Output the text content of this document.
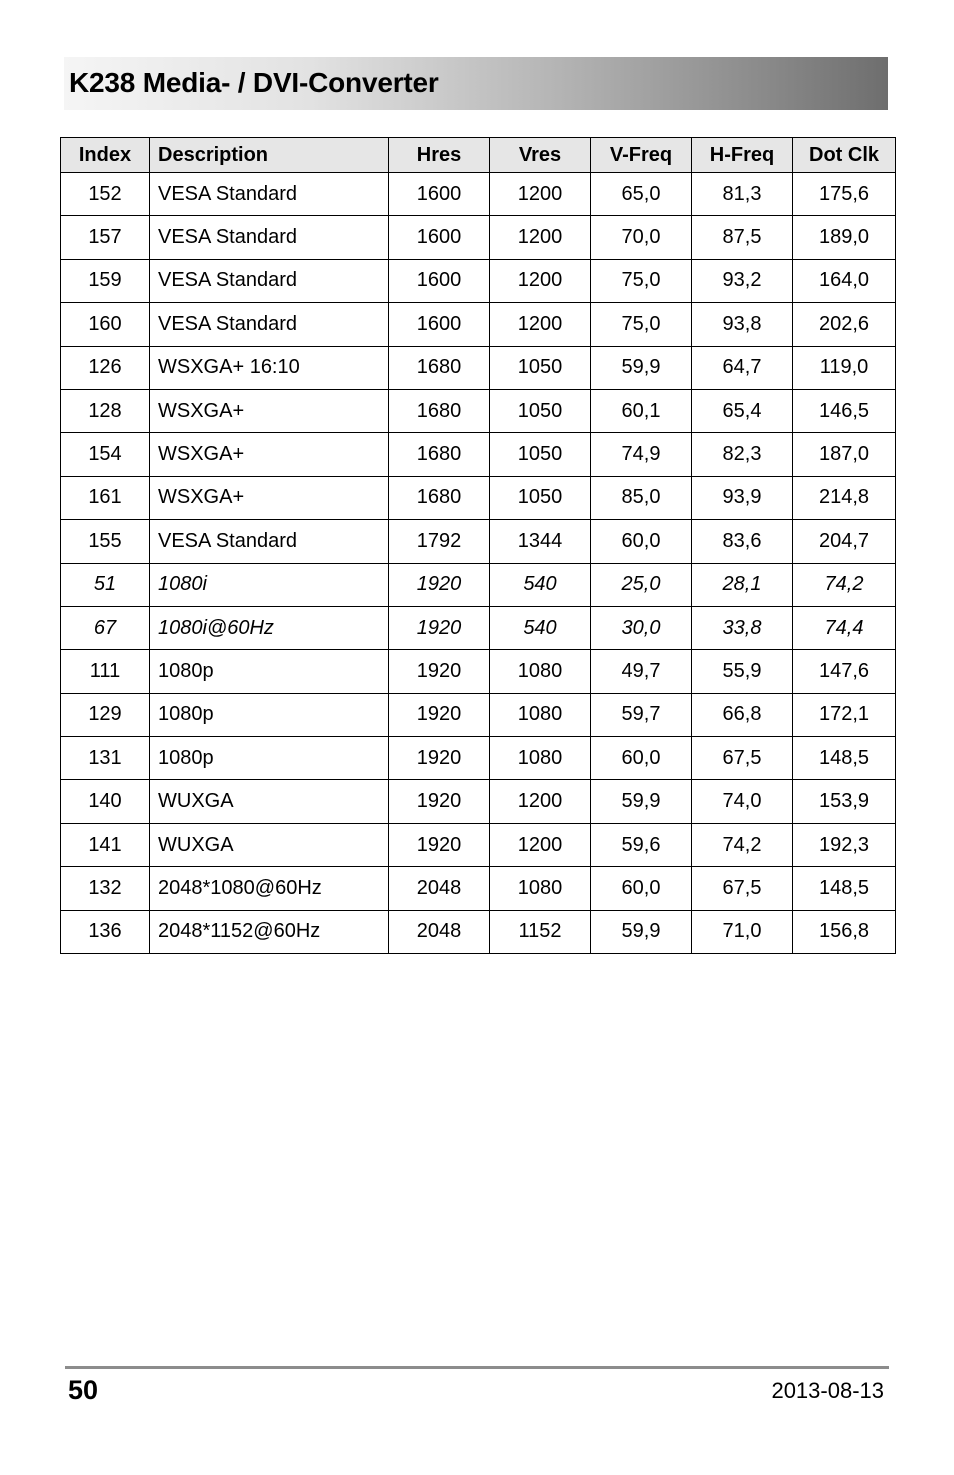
K238 Media- / DVI-Converter
Index	Description	Hres	Vres	V-Freq	H-Freq	Dot Clk
152	VESA Standard	1600	1200	65,0	81,3	175,6
157	VESA Standard	1600	1200	70,0	87,5	189,0
159	VESA Standard	1600	1200	75,0	93,2	164,0
160	VESA Standard	1600	1200	75,0	93,8	202,6
126	WSXGA+ 16:10	1680	1050	59,9	64,7	119,0
128	WSXGA+	1680	1050	60,1	65,4	146,5
154	WSXGA+	1680	1050	74,9	82,3	187,0
161	WSXGA+	1680	1050	85,0	93,9	214,8
155	VESA Standard	1792	1344	60,0	83,6	204,7
51	1080i	1920	540	25,0	28,1	74,2
67	1080i@60Hz	1920	540	30,0	33,8	74,4
111	1080p	1920	1080	49,7	55,9	147,6
129	1080p	1920	1080	59,7	66,8	172,1
131	1080p	1920	1080	60,0	67,5	148,5
140	WUXGA	1920	1200	59,9	74,0	153,9
141	WUXGA	1920	1200	59,6	74,2	192,3
132	2048*1080@60Hz	2048	1080	60,0	67,5	148,5
136	2048*1152@60Hz	2048	1152	59,9	71,0	156,8
50	2013-08-13
